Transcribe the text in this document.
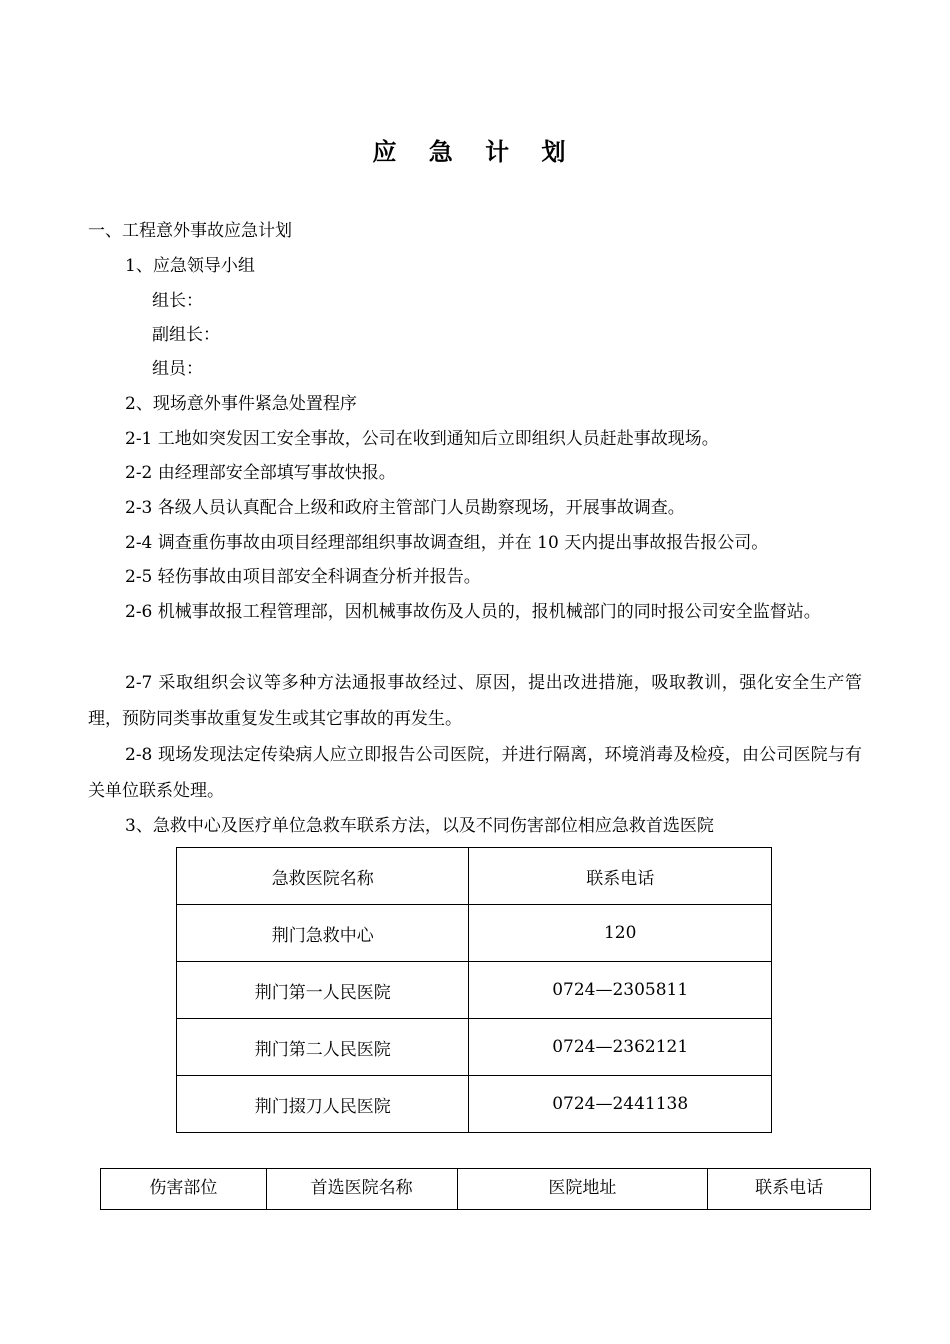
应 急 计 划
一、工程意外事故应急计划
1、应急领导小组
组长：
副组长：
组员：
2、现场意外事件紧急处置程序
2-1 工地如突发因工安全事故，公司在收到通知后立即组织人员赶赴事故现场。
2-2 由经理部安全部填写事故快报。
2-3 各级人员认真配合上级和政府主管部门人员勘察现场，开展事故调查。
2-4 调查重伤事故由项目经理部组织事故调查组，并在 10 天内提出事故报告报公司。
2-5 轻伤事故由项目部安全科调查分析并报告。
2-6 机械事故报工程管理部，因机械事故伤及人员的，报机械部门的同时报公司安全监督站。
2-7 采取组织会议等多种方法通报事故经过、原因，提出改进措施，吸取教训，强化安全生产管理，预防同类事故重复发生或其它事故的再发生。
2-8 现场发现法定传染病人应立即报告公司医院，并进行隔离，环境消毒及检疫，由公司医院与有关单位联系处理。
3、急救中心及医疗单位急救车联系方法，以及不同伤害部位相应急救首选医院
急救医院名称	联系电话
荆门急救中心	120
荆门第一人民医院	0724—2305811
荆门第二人民医院	0724—2362121
荆门掇刀人民医院	0724—2441138
伤害部位	首选医院名称	医院地址	联系电话
